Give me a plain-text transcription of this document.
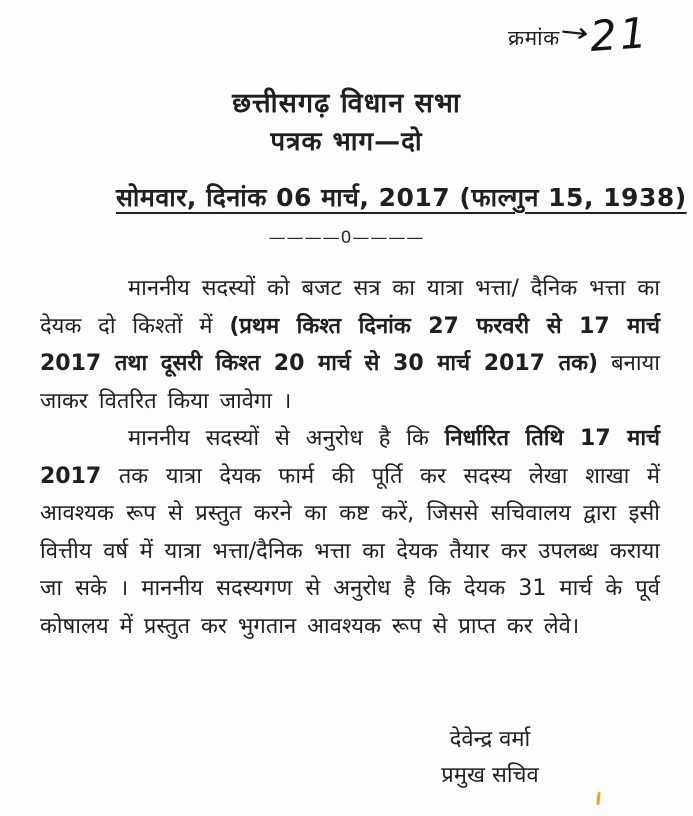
क्रमांक
→
21
छत्तीसगढ़ विधान सभा
पत्रक भाग—दो
सोमवार, दिनांक 06 मार्च, 2017 (फाल्गुन 15, 1938)
————0————
माननीय सदस्यों को बजट सत्र का यात्रा भत्ता/ दैनिक भत्ता का देयक दो किश्तों में (प्रथम किश्त दिनांक 27 फरवरी से 17 मार्च 2017 तथा दूसरी किश्त 20 मार्च से 30 मार्च 2017 तक) बनाया जाकर वितरित किया जावेगा ।
माननीय सदस्यों से अनुरोध है कि निर्धारित तिथि 17 मार्च 2017 तक यात्रा देयक फार्म की पूर्ति कर सदस्य लेखा शाखा में आवश्यक रूप से प्रस्तुत करने का कष्ट करें, जिससे सचिवालय द्वारा इसी वित्तीय वर्ष में यात्रा भत्ता/दैनिक भत्ता का देयक तैयार कर उपलब्ध कराया जा सके । माननीय सदस्यगण से अनुरोध है कि देयक 31 मार्च के पूर्व कोषालय में प्रस्तुत कर भुगतान आवश्यक रूप से प्राप्त कर लेवे।
देवेन्द्र वर्मा
प्रमुख सचिव
